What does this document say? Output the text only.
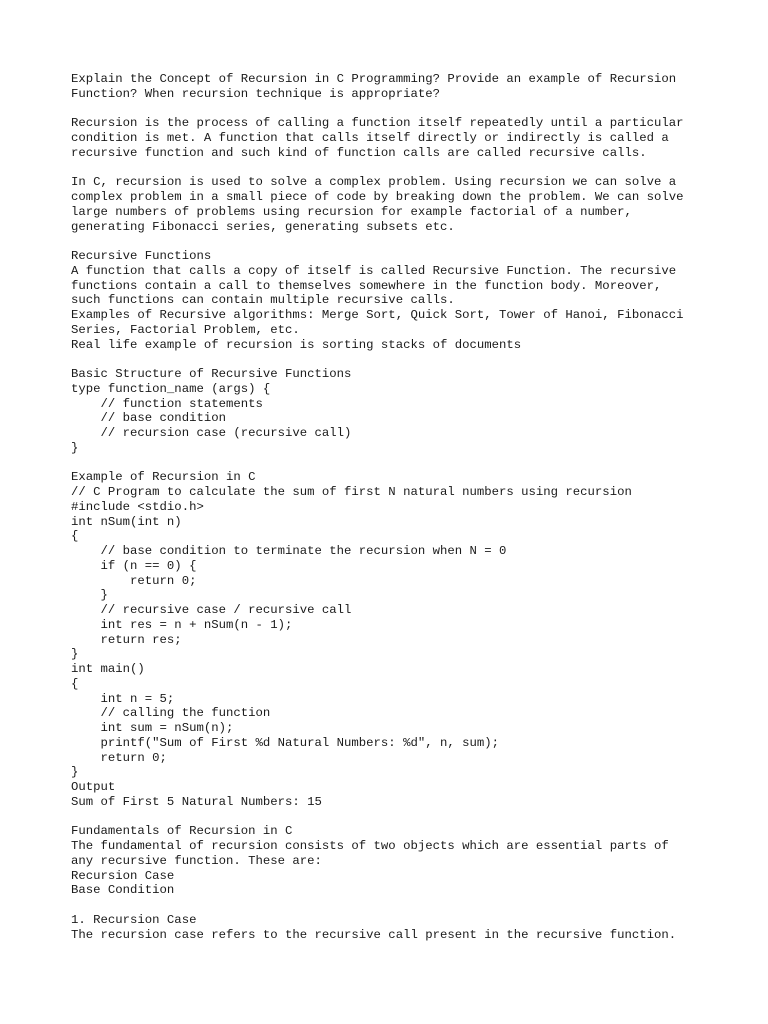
Explain the Concept of Recursion in C Programming? Provide an example of Recursion
Function? When recursion technique is appropriate?
Recursion is the process of calling a function itself repeatedly until a particular
condition is met. A function that calls itself directly or indirectly is called a
recursive function and such kind of function calls are called recursive calls.
In C, recursion is used to solve a complex problem. Using recursion we can solve a
complex problem in a small piece of code by breaking down the problem. We can solve
large numbers of problems using recursion for example factorial of a number,
generating Fibonacci series, generating subsets etc.
Recursive Functions
A function that calls a copy of itself is called Recursive Function. The recursive
functions contain a call to themselves somewhere in the function body. Moreover,
such functions can contain multiple recursive calls.
Examples of Recursive algorithms: Merge Sort, Quick Sort, Tower of Hanoi, Fibonacci
Series, Factorial Problem, etc.
Real life example of recursion is sorting stacks of documents
Basic Structure of Recursive Functions
type function_name (args) {
// function statements
// base condition
// recursion case (recursive call)
}
Example of Recursion in C
// C Program to calculate the sum of first N natural numbers using recursion
#include <stdio.h>
int nSum(int n)
{
// base condition to terminate the recursion when N = 0
if (n == 0) {
return 0;
}
// recursive case / recursive call
int res = n + nSum(n - 1);
return res;
}
int main()
{
int n = 5;
// calling the function
int sum = nSum(n);
printf("Sum of First %d Natural Numbers: %d", n, sum);
return 0;
}
Output
Sum of First 5 Natural Numbers: 15
Fundamentals of Recursion in C
The fundamental of recursion consists of two objects which are essential parts of
any recursive function. These are:
Recursion Case
Base Condition
1. Recursion Case
The recursion case refers to the recursive call present in the recursive function.
